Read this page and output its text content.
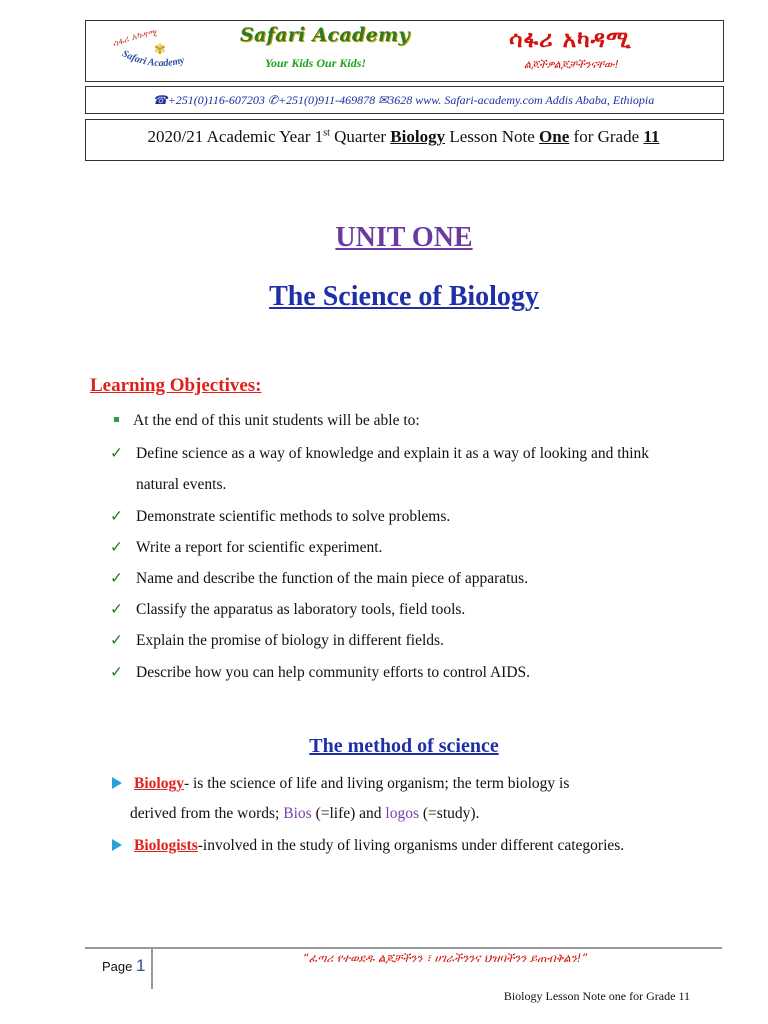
ሳፋሪ አካዳሚ
Safari Academy
✾
Safari Academy
Your Kids Our Kids!
ሳፋሪ አካዳሚ
ልጆችዎልጆቻችንናቸው!
☎+251(0)116-607203 ✆+251(0)911-469878 ✉3628 www. Safari-academy.com Addis Ababa, Ethiopia
2020/21 Academic Year 1st Quarter Biology Lesson Note One for Grade 11
UNIT ONE
The Science of Biology
Learning Objectives:
At the end of this unit students will be able to:
✓ Define science as a way of knowledge and explain it as a way of looking and think
natural events.
✓ Demonstrate scientific methods to solve problems.
✓ Write a report for scientific experiment.
✓ Name and describe the function of the main piece of apparatus.
✓ Classify the apparatus as laboratory tools, field tools.
✓ Explain the promise of biology in different fields.
✓ Describe how you can help community efforts to control AIDS.
The method of science
Biology- is the science of life and living organism; the term biology is
derived from the words; Bios (=life) and logos (=study).
Biologists-involved in the study of living organisms under different categories.
Page 1	“ፈጣሪ የተወደዱ ልጆቻችንን ፣ ሀገራችንንና ህዝባችንን ይጠብቅልን!”
Biology Lesson Note one for Grade 11
